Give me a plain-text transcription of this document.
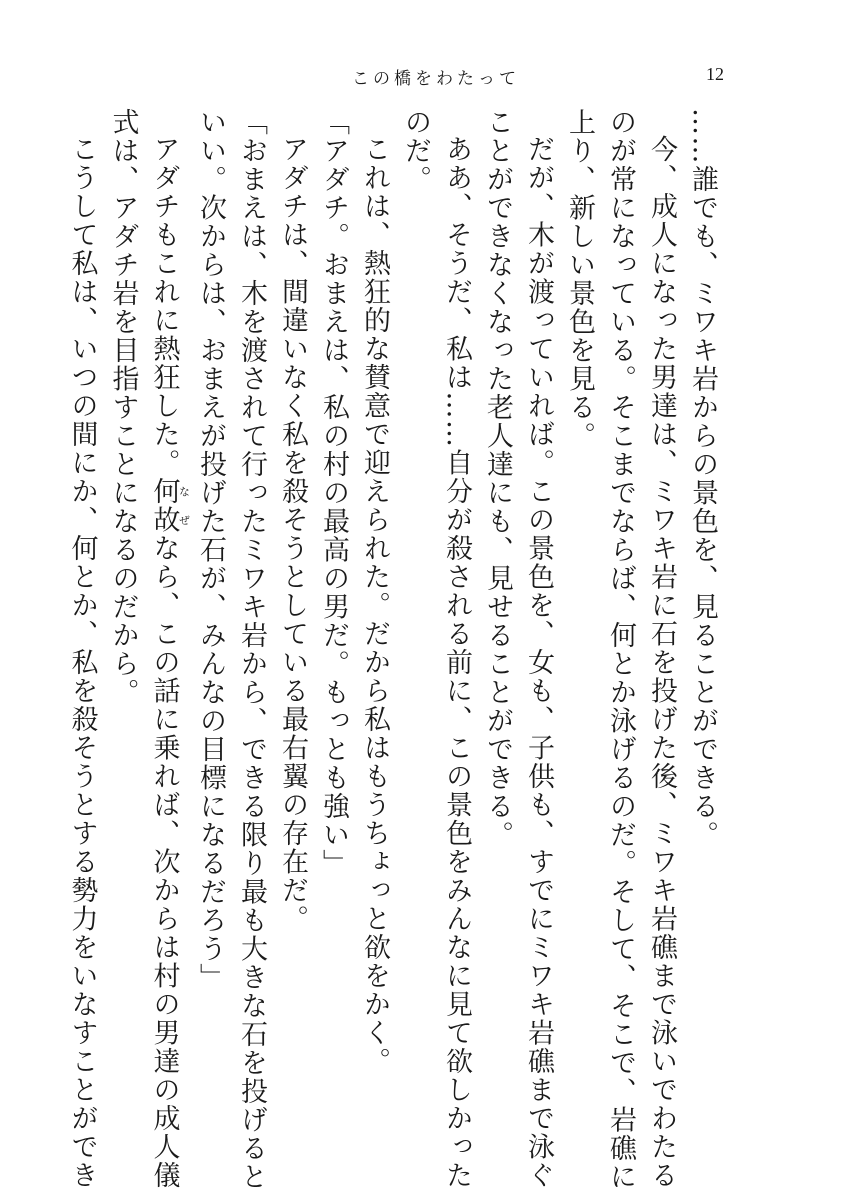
この橋をわたって	12
……誰でも、ミワキ岩からの景色を、見ることができる。
今、成人になった男達は、ミワキ岩に石を投げた後、ミワキ岩礁まで泳いでわたる
のが常になっている。そこまでならば、何とか泳げるのだ。そして、そこで、岩礁に
上り、新しい景色を見る。
だが、木が渡っていれば。この景色を、女も、子供も、すでにミワキ岩礁まで泳ぐ
ことができなくなった老人達にも、見せることができる。
ああ、そうだ、私は……自分が殺される前に、この景色をみんなに見て欲しかった
のだ。
これは、熱狂的な賛意で迎えられた。だから私はもうちょっと欲をかく。
「アダチ。おまえは、私の村の最高の男だ。もっとも強い」
アダチは、間違いなく私を殺そうとしている最右翼の存在だ。
「おまえは、木を渡されて行ったミワキ岩から、できる限り最も大きな石を投げると
いい。次からは、おまえが投げた石が、みんなの目標になるだろう」
アダチもこれに熱狂した。何故なぜなら、この話に乗れば、次からは村の男達の成人儀
式は、アダチ岩を目指すことになるのだから。
こうして私は、いつの間にか、何とか、私を殺そうとする勢力をいなすことができ
